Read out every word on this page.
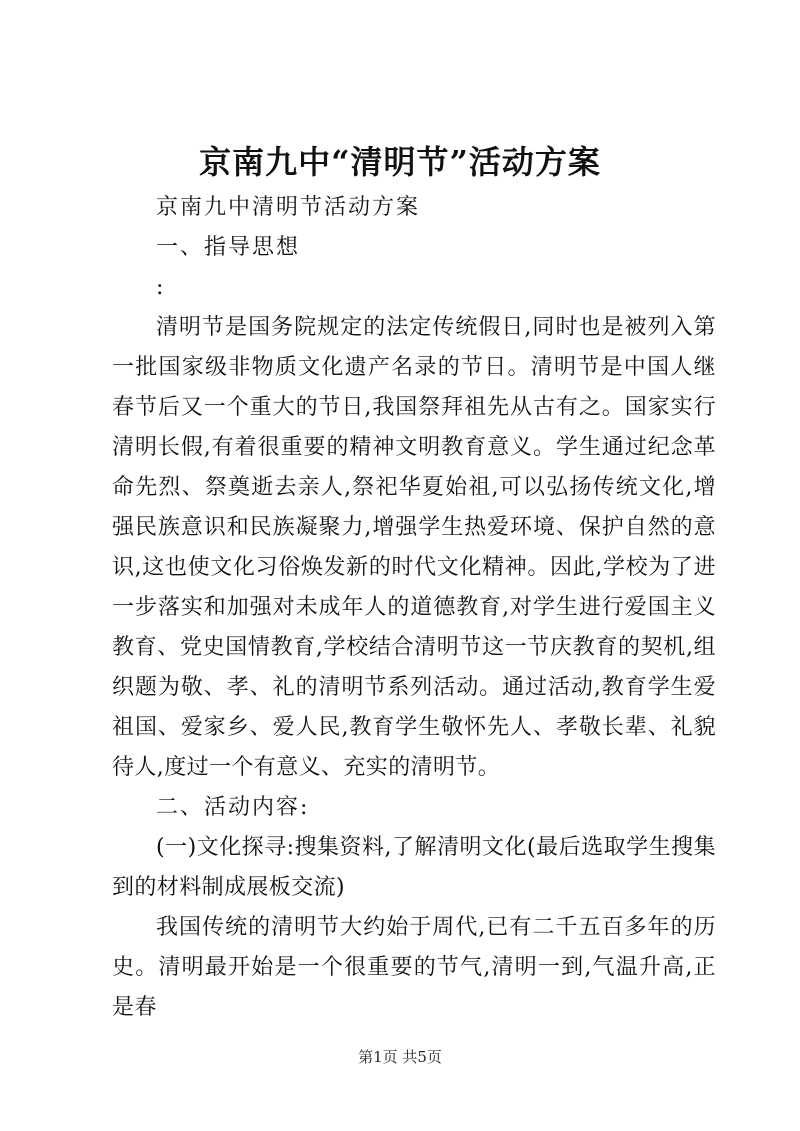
京南九中“清明节”活动方案

京南九中清明节活动方案

一、指导思想

:

清明节是国务院规定的法定传统假日,同时也是被列入第一批国家级非物质文化遗产名录的节日。清明节是中国人继春节后又一个重大的节日,我国祭拜祖先从古有之。国家实行清明长假,有着很重要的精神文明教育意义。学生通过纪念革命先烈、祭奠逝去亲人,祭祀华夏始祖,可以弘扬传统文化,增强民族意识和民族凝聚力,增强学生热爱环境、保护自然的意识,这也使文化习俗焕发新的时代文化精神。因此,学校为了进一步落实和加强对未成年人的道德教育,对学生进行爱国主义教育、党史国情教育,学校结合清明节这一节庆教育的契机,组织题为敬、孝、礼的清明节系列活动。通过活动,教育学生爱祖国、爱家乡、爱人民,教育学生敬怀先人、孝敬长辈、礼貌待人,度过一个有意义、充实的清明节。

二、活动内容:

(一)文化探寻:搜集资料,了解清明文化(最后选取学生搜集到的材料制成展板交流)

我国传统的清明节大约始于周代,已有二千五百多年的历史。清明最开始是一个很重要的节气,清明一到,气温升高,正是春

第1页 共5页
